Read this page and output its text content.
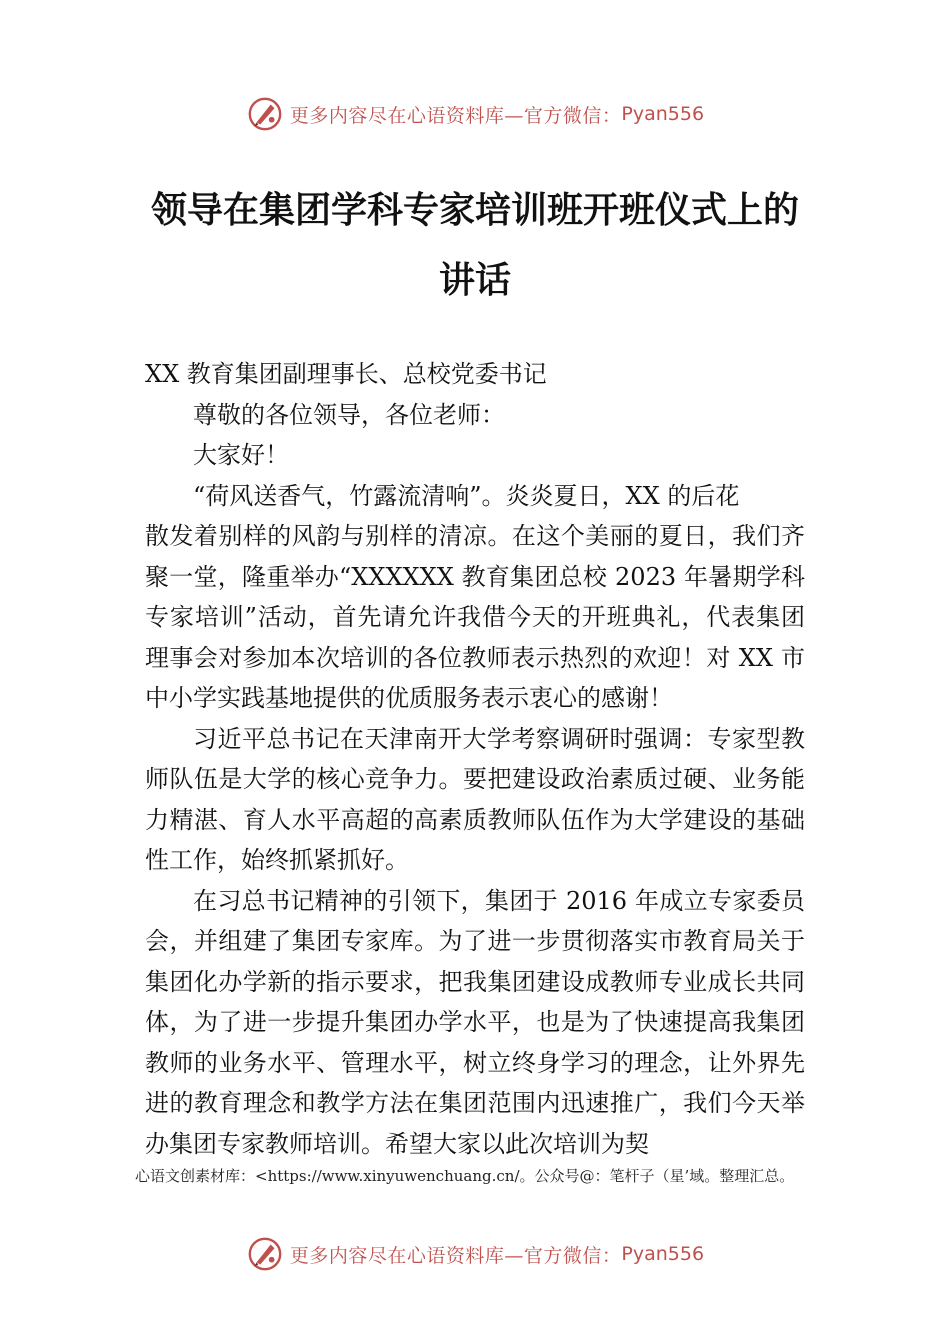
更多内容尽在心语资料库—官方微信： Pyan556
领导在集团学科专家培训班开班仪式上的
讲话

XX 教育集团副理事长、总校党委书记

尊敬的各位领导，各位老师：

大家好！

“荷风送香气，竹露流清响”。炎炎夏日，XX 的后花

散发着别样的风韵与别样的清凉。在这个美丽的夏日，我们齐聚一堂，隆重举办“XXXXXX 教育集团总校 2023 年暑期学科专家培训”活动，首先请允许我借今天的开班典礼，代表集团理事会对参加本次培训的各位教师表示热烈的欢迎！对 XX 市中小学实践基地提供的优质服务表示衷心的感谢！

习近平总书记在天津南开大学考察调研时强调：专家型教师队伍是大学的核心竞争力。要把建设政治素质过硬、业务能力精湛、育人水平高超的高素质教师队伍作为大学建设的基础性工作，始终抓紧抓好。

在习总书记精神的引领下，集团于 2016 年成立专家委员会，并组建了集团专家库。为了进一步贯彻落实市教育局关于集团化办学新的指示要求，把我集团建设成教师专业成长共同体，为了进一步提升集团办学水平，也是为了快速提高我集团教师的业务水平、管理水平，树立终身学习的理念，让外界先进的教育理念和教学方法在集团范围内迅速推广，我们今天举办集团专家教师培训。希望大家以此次培训为契

心语文创素材库：<https://www.xinyuwenchuang.cn/。公众号@：笔杆子（星’域。整理汇总。
更多内容尽在心语资料库—官方微信： Pyan556
